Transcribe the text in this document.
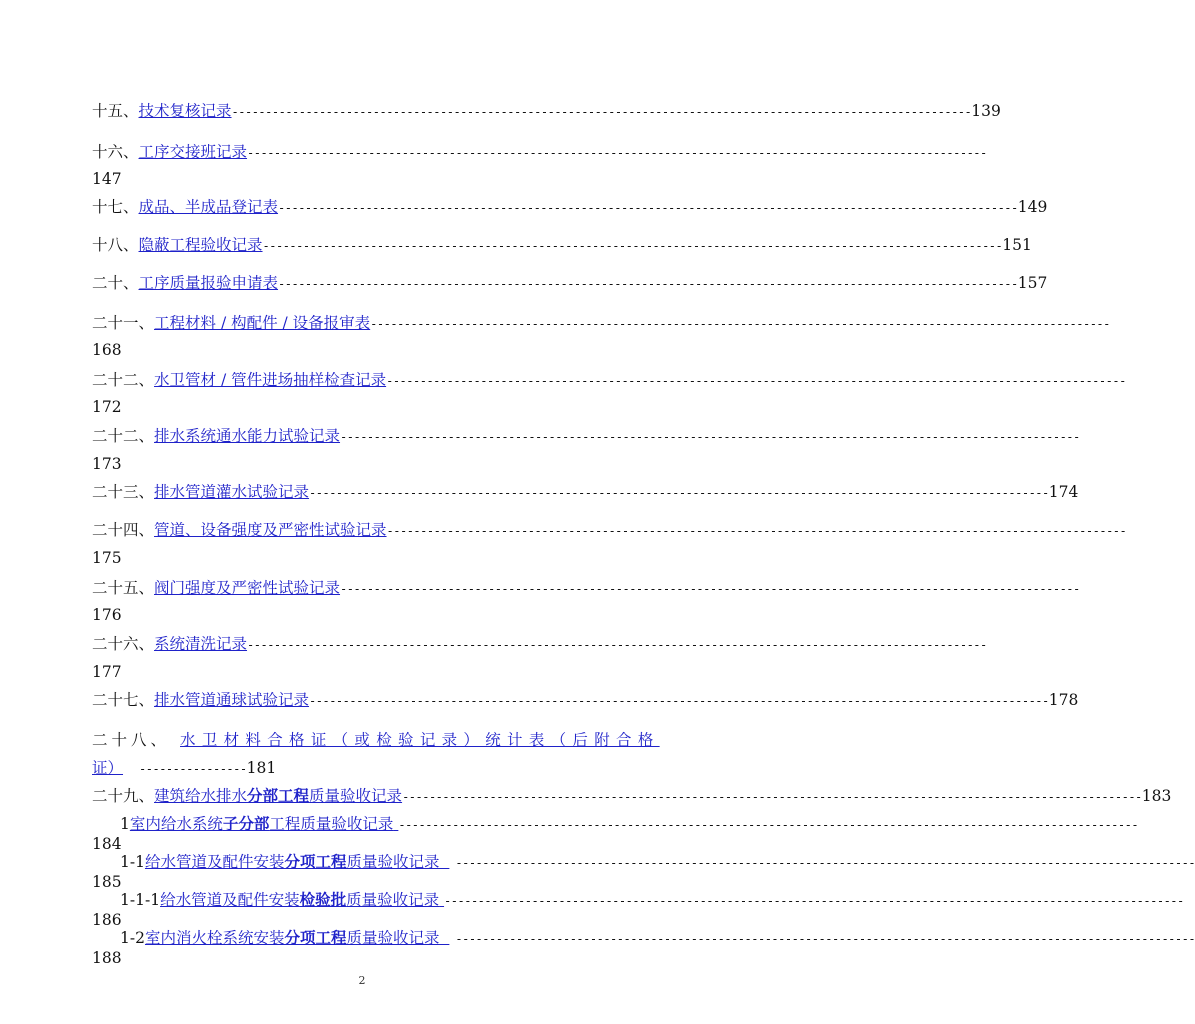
十五、 技术复核记录 -------------------------------------------------------------------------------------------------------------- 139
十六、 工序交接班记录 --------------------------------------------------------------------------------------------------------------
147
十七、 成品、半成品登记表 -------------------------------------------------------------------------------------------------------------- 149
十八、 隐蔽工程验收记录 -------------------------------------------------------------------------------------------------------------- 151
二十、 工序质量报验申请表 -------------------------------------------------------------------------------------------------------------- 157
二十一、 工程材料 / 构配件 / 设备报审表 --------------------------------------------------------------------------------------------------------------
168
二十二、 水卫管材 / 管件进场抽样检查记录 --------------------------------------------------------------------------------------------------------------
172
二十二、 排水系统通水能力试验记录 --------------------------------------------------------------------------------------------------------------
173
二十三、 排水管道灌水试验记录 -------------------------------------------------------------------------------------------------------------- 174
二十四、 管道、设备强度及严密性试验记录 --------------------------------------------------------------------------------------------------------------
175
二十五、 阀门强度及严密性试验记录 --------------------------------------------------------------------------------------------------------------
176
二十六、 系统清洗记录 --------------------------------------------------------------------------------------------------------------
177
二十七、 排水管道通球试验记录 -------------------------------------------------------------------------------------------------------------- 178
二十八、 水卫材料合格证（或检验记录）统计表（后附合格
证） ----------------181
二十九、 建筑给水排水分部工程质量验收记录 -------------------------------------------------------------------------------------------------------------- 183
1 室内给水系统子分部工程质量验收记录 --------------------------------------------------------------------------------------------------------------
184
1-1 给水管道及配件安装分项工程质量验收记录	--------------------------------------------------------------------------------------------------------------
185
1-1-1 给水管道及配件安装检验批质量验收记录 --------------------------------------------------------------------------------------------------------------
186
1-2 室内消火栓系统安装分项工程质量验收记录	--------------------------------------------------------------------------------------------------------------
188
2
